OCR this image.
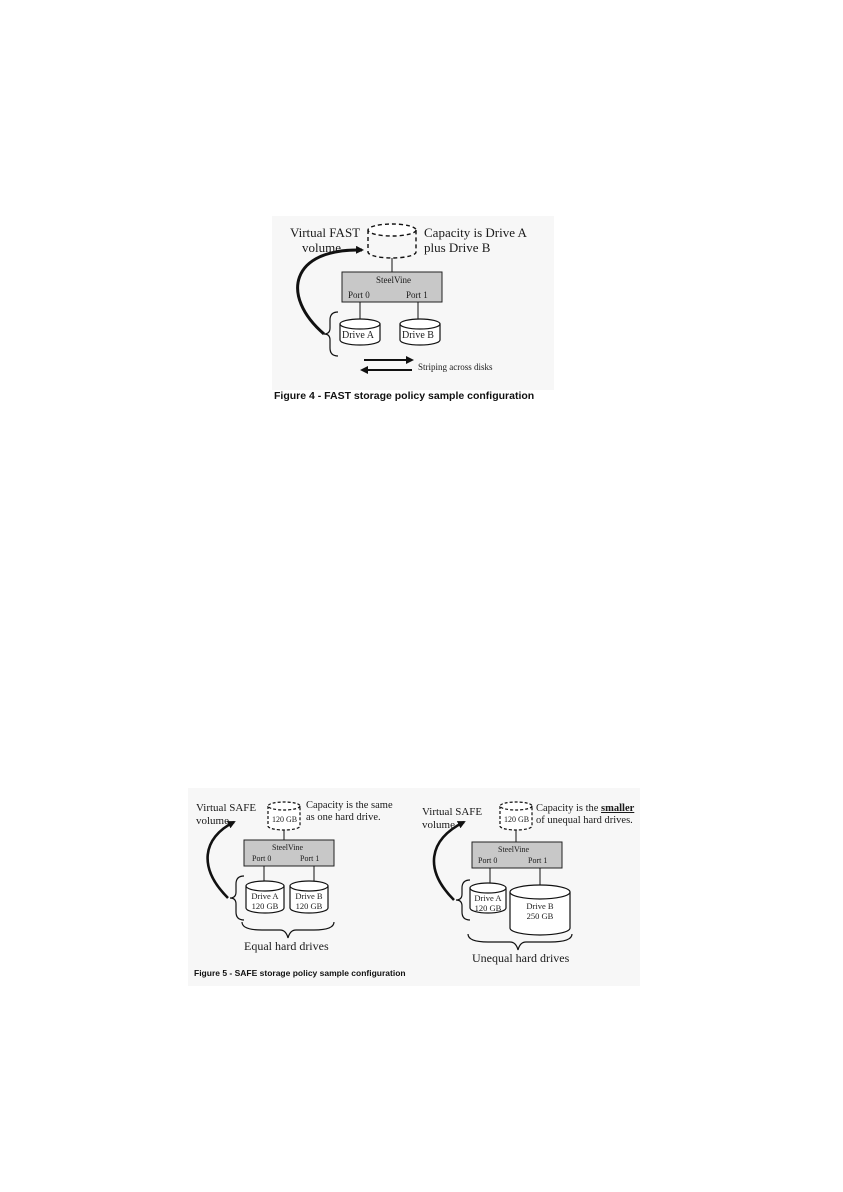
Virtual FAST
volume
Capacity is Drive A
plus Drive B
SteelVine
Port 0	Port 1
Drive A	Drive B
Striping across disks
Figure 4 - FAST storage policy sample configuration
Virtual SAFE
volume	120 GB
Capacity is the same
as one hard drive.
SteelVine
Port 0	Port 1
Drive A
120 GB
Drive B
120 GB
Equal hard drives
Virtual SAFE
volume	120 GB
Capacity is the smaller
of unequal hard drives.
SteelVine
Port 0	Port 1
Drive A
120 GB	Drive B
250 GB
Unequal hard drives
Figure 5 - SAFE storage policy sample configuration
